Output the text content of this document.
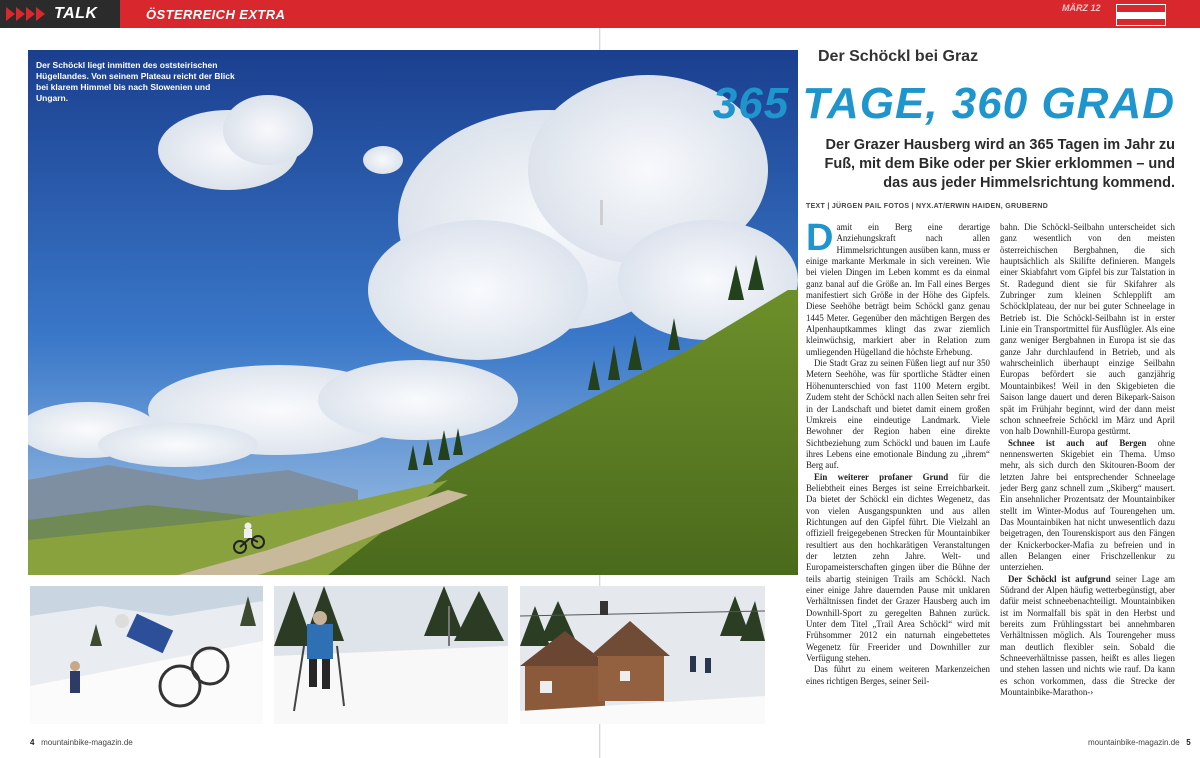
TALK	ÖSTERREICH EXTRA	MÄRZ 12
Der Schöckl liegt inmitten des oststeirischen Hügellandes. Von seinem Plateau reicht der Blick bei klarem Himmel bis nach Slowenien und Ungarn.
Der Schöckl bei Graz
365 TAGE, 360 GRAD

Der Grazer Hausberg wird an 365 Tagen im Jahr zu Fuß, mit dem Bike oder per Skier erklommen – und das aus jeder Himmelsrichtung kommend.

TEXT | JÜRGEN PAIL FOTOS | NYX.AT/ERWIN HAIDEN, GRUBERND

Damit ein Berg eine derartige Anziehungskraft nach allen Himmelsrichtungen ausüben kann, muss er einige markante Merkmale in sich vereinen. Wie bei vielen Dingen im Leben kommt es da einmal ganz banal auf die Größe an. Im Fall eines Berges manifestiert sich Größe in der Höhe des Gipfels. Diese Seehöhe beträgt beim Schöckl ganz genau 1445 Meter. Gegenüber den mächtigen Bergen des Alpenhauptkammes klingt das zwar ziemlich kleinwüchsig, markiert aber in Relation zum umliegenden Hügelland die höchste Erhebung.

Die Stadt Graz zu seinen Füßen liegt auf nur 350 Metern Seehöhe, was für sportliche Städter einen Höhenunterschied von fast 1100 Metern ergibt. Zudem steht der Schöckl nach allen Seiten sehr frei in der Landschaft und bietet damit einem großen Umkreis eine eindeutige Landmark. Viele Bewohner der Region haben eine direkte Sichtbeziehung zum Schöckl und bauen im Laufe ihres Lebens eine emotionale Bindung zu „ihrem“ Berg auf.

Ein weiterer profaner Grund für die Beliebtheit eines Berges ist seine Erreichbarkeit. Da bietet der Schöckl ein dichtes Wegenetz, das von vielen Ausgangspunkten und aus allen Richtungen auf den Gipfel führt. Die Vielzahl an offiziell freigegebenen Strecken für Mountainbiker resultiert aus den hochkarätigen Veranstaltungen der letzten zehn Jahre. Welt- und Europameisterschaften gingen über die Bühne der teils abartig steinigen Trails am Schöckl. Nach einer einige Jahre dauernden Pause mit unklaren Verhältnissen findet der Grazer Hausberg auch im Downhill-Sport zu geregelten Bahnen zurück. Unter dem Titel „Trail Area Schöckl“ wird mit Frühsommer 2012 ein naturnah eingebettetes Wegenetz für Freerider und Downhiller zur Verfügung stehen.

Das führt zu einem weiteren Markenzeichen eines richtigen Berges, seiner Seil-

bahn. Die Schöckl-Seilbahn unterscheidet sich ganz wesentlich von den meisten österreichischen Bergbahnen, die sich hauptsächlich als Skilifte definieren. Mangels einer Skiabfahrt vom Gipfel bis zur Talstation in St. Radegund dient sie für Skifahrer als Zubringer zum kleinen Schlepplift am Schöcklplateau, der nur bei guter Schneelage in Betrieb ist. Die Schöckl-Seilbahn ist in erster Linie ein Transportmittel für Ausflügler. Als eine ganz weniger Bergbahnen in Europa ist sie das ganze Jahr durchlaufend in Betrieb, und als wahrscheinlich überhaupt einzige Seilbahn Europas befördert sie auch ganzjährig Mountainbikes! Weil in den Skigebieten die Saison lange dauert und deren Bikepark-Saison spät im Frühjahr beginnt, wird der dann meist schon schneefreie Schöckl im März und April von halb Downhill-Europa gestürmt.

Schnee ist auch auf Bergen ohne nennenswerten Skigebiet ein Thema. Umso mehr, als sich durch den Skitouren-Boom der letzten Jahre bei entsprechender Schneelage jeder Berg ganz schnell zum „Skiberg“ mausert. Ein ansehnlicher Prozentsatz der Mountainbiker stellt im Winter-Modus auf Tourengehen um. Das Mountainbiken hat nicht unwesentlich dazu beigetragen, den Tourenskisport aus den Fängen der Knickerbocker-Mafia zu befreien und in allen Belangen einer Frischzellenkur zu unterziehen.

Der Schöckl ist aufgrund seiner Lage am Südrand der Alpen häufig wetterbegünstigt, aber dafür meist schneebenachteiligt. Mountainbiken ist im Normalfall bis spät in den Herbst und bereits zum Frühlingsstart bei annehmbaren Verhältnissen möglich. Als Tourengeher muss man deutlich flexibler sein. Sobald die Schneeverhältnisse passen, heißt es alles liegen und stehen lassen und nichts wie rauf. Da kann es schon vorkommen, dass die Strecke der Mountainbike-Marathon-›

4 mountainbike-magazin.de	mountainbike-magazin.de 5
